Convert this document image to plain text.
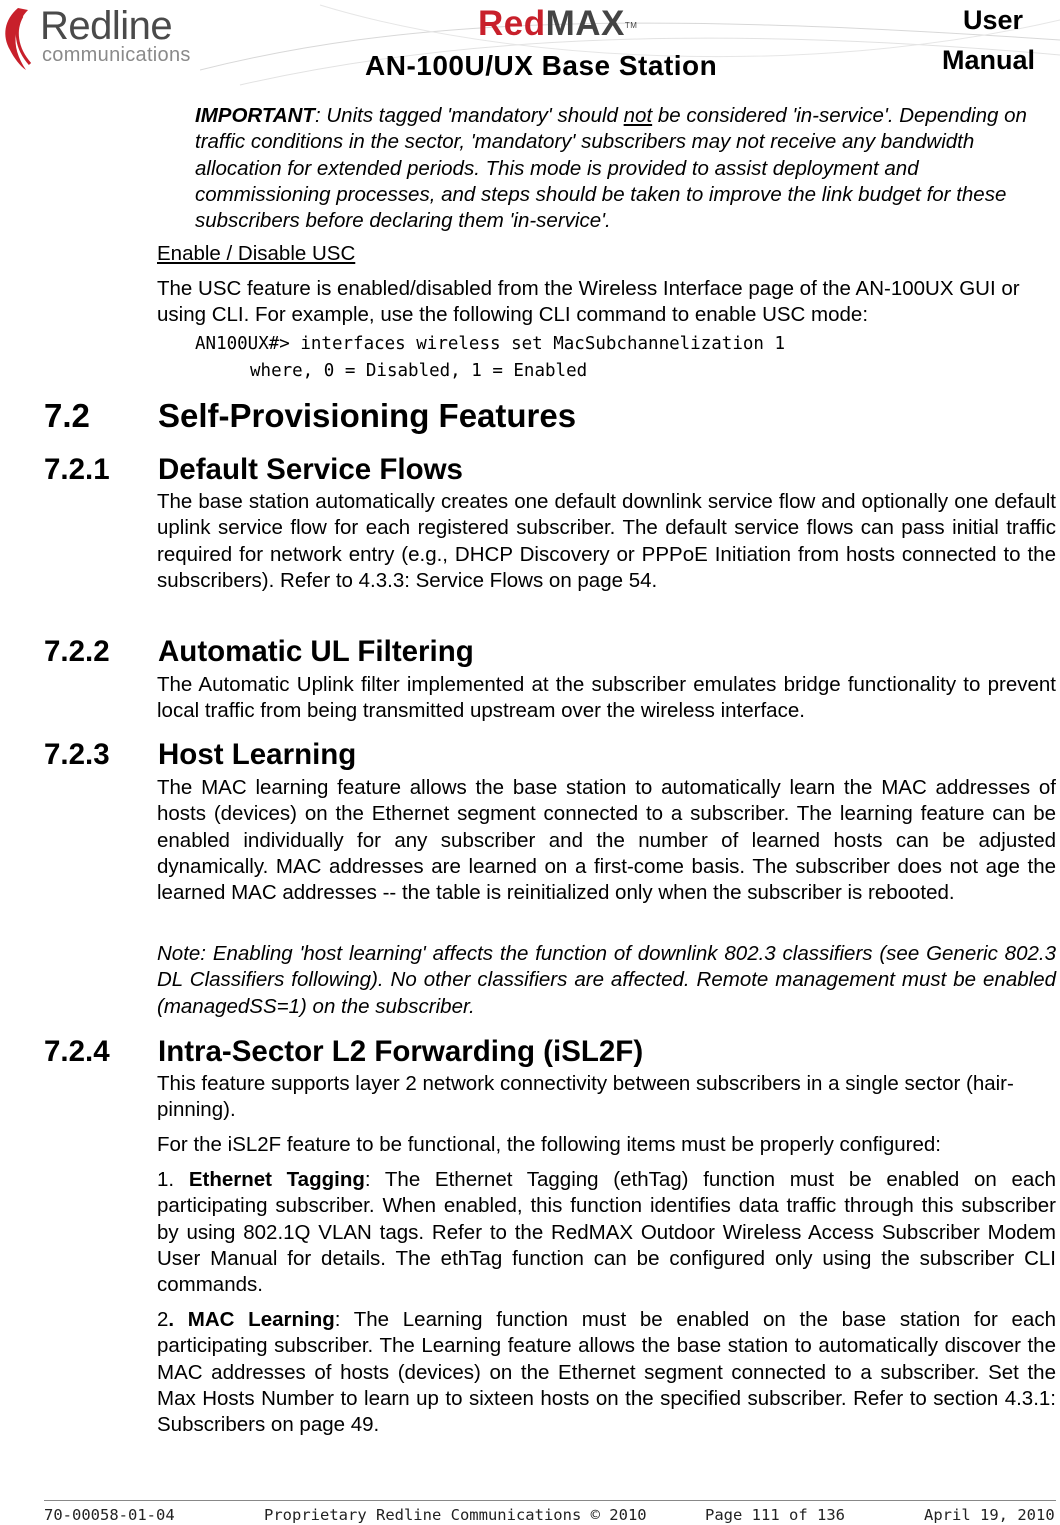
Redline
communications
RedMAX™
AN-100U/UX Base Station
User
Manual

IMPORTANT: Units tagged 'mandatory' should not be considered 'in-service'. Depending on traffic conditions in the sector, 'mandatory' subscribers may not receive any bandwidth allocation for extended periods. This mode is provided to assist deployment and commissioning processes, and steps should be taken to improve the link budget for these subscribers before declaring them 'in-service'.

Enable / Disable USC

The USC feature is enabled/disabled from the Wireless Interface page of the AN-100UX GUI or using CLI. For example, use the following CLI command to enable USC mode:

AN100UX#> interfaces wireless set MacSubchannelization 1
where, 0 = Disabled, 1 = Enabled
7.2 Self-Provisioning Features
7.2.1 Default Service Flows

The base station automatically creates one default downlink service flow and optionally one default uplink service flow for each registered subscriber. The default service flows can pass initial traffic required for network entry (e.g., DHCP Discovery or PPPoE Initiation from hosts connected to the subscribers). Refer to 4.3.3: Service Flows on page 54.

7.2.2 Automatic UL Filtering

The Automatic Uplink filter implemented at the subscriber emulates bridge functionality to prevent local traffic from being transmitted upstream over the wireless interface.

7.2.3 Host Learning

The MAC learning feature allows the base station to automatically learn the MAC addresses of hosts (devices) on the Ethernet segment connected to a subscriber. The learning feature can be enabled individually for any subscriber and the number of learned hosts can be adjusted dynamically. MAC addresses are learned on a first-come basis. The subscriber does not age the learned MAC addresses -- the table is reinitialized only when the subscriber is rebooted.

Note: Enabling 'host learning' affects the function of downlink 802.3 classifiers (see Generic 802.3 DL Classifiers following). No other classifiers are affected. Remote management must be enabled (managedSS=1) on the subscriber.

7.2.4 Intra-Sector L2 Forwarding (iSL2F)

This feature supports layer 2 network connectivity between subscribers in a single sector (hair-pinning).

For the iSL2F feature to be functional, the following items must be properly configured:

1. Ethernet Tagging: The Ethernet Tagging (ethTag) function must be enabled on each participating subscriber. When enabled, this function identifies data traffic through this subscriber by using 802.1Q VLAN tags. Refer to the RedMAX Outdoor Wireless Access Subscriber Modem User Manual for details. The ethTag function can be configured only using the subscriber CLI commands.

2. MAC Learning: The Learning function must be enabled on the base station for each participating subscriber. The Learning feature allows the base station to automatically discover the MAC addresses of hosts (devices) on the Ethernet segment connected to a subscriber. Set the Max Hosts Number to learn up to sixteen hosts on the specified subscriber. Refer to section 4.3.1: Subscribers on page 49.

70-00058-01-04	Proprietary Redline Communications © 2010	Page 111 of 136	April 19, 2010
